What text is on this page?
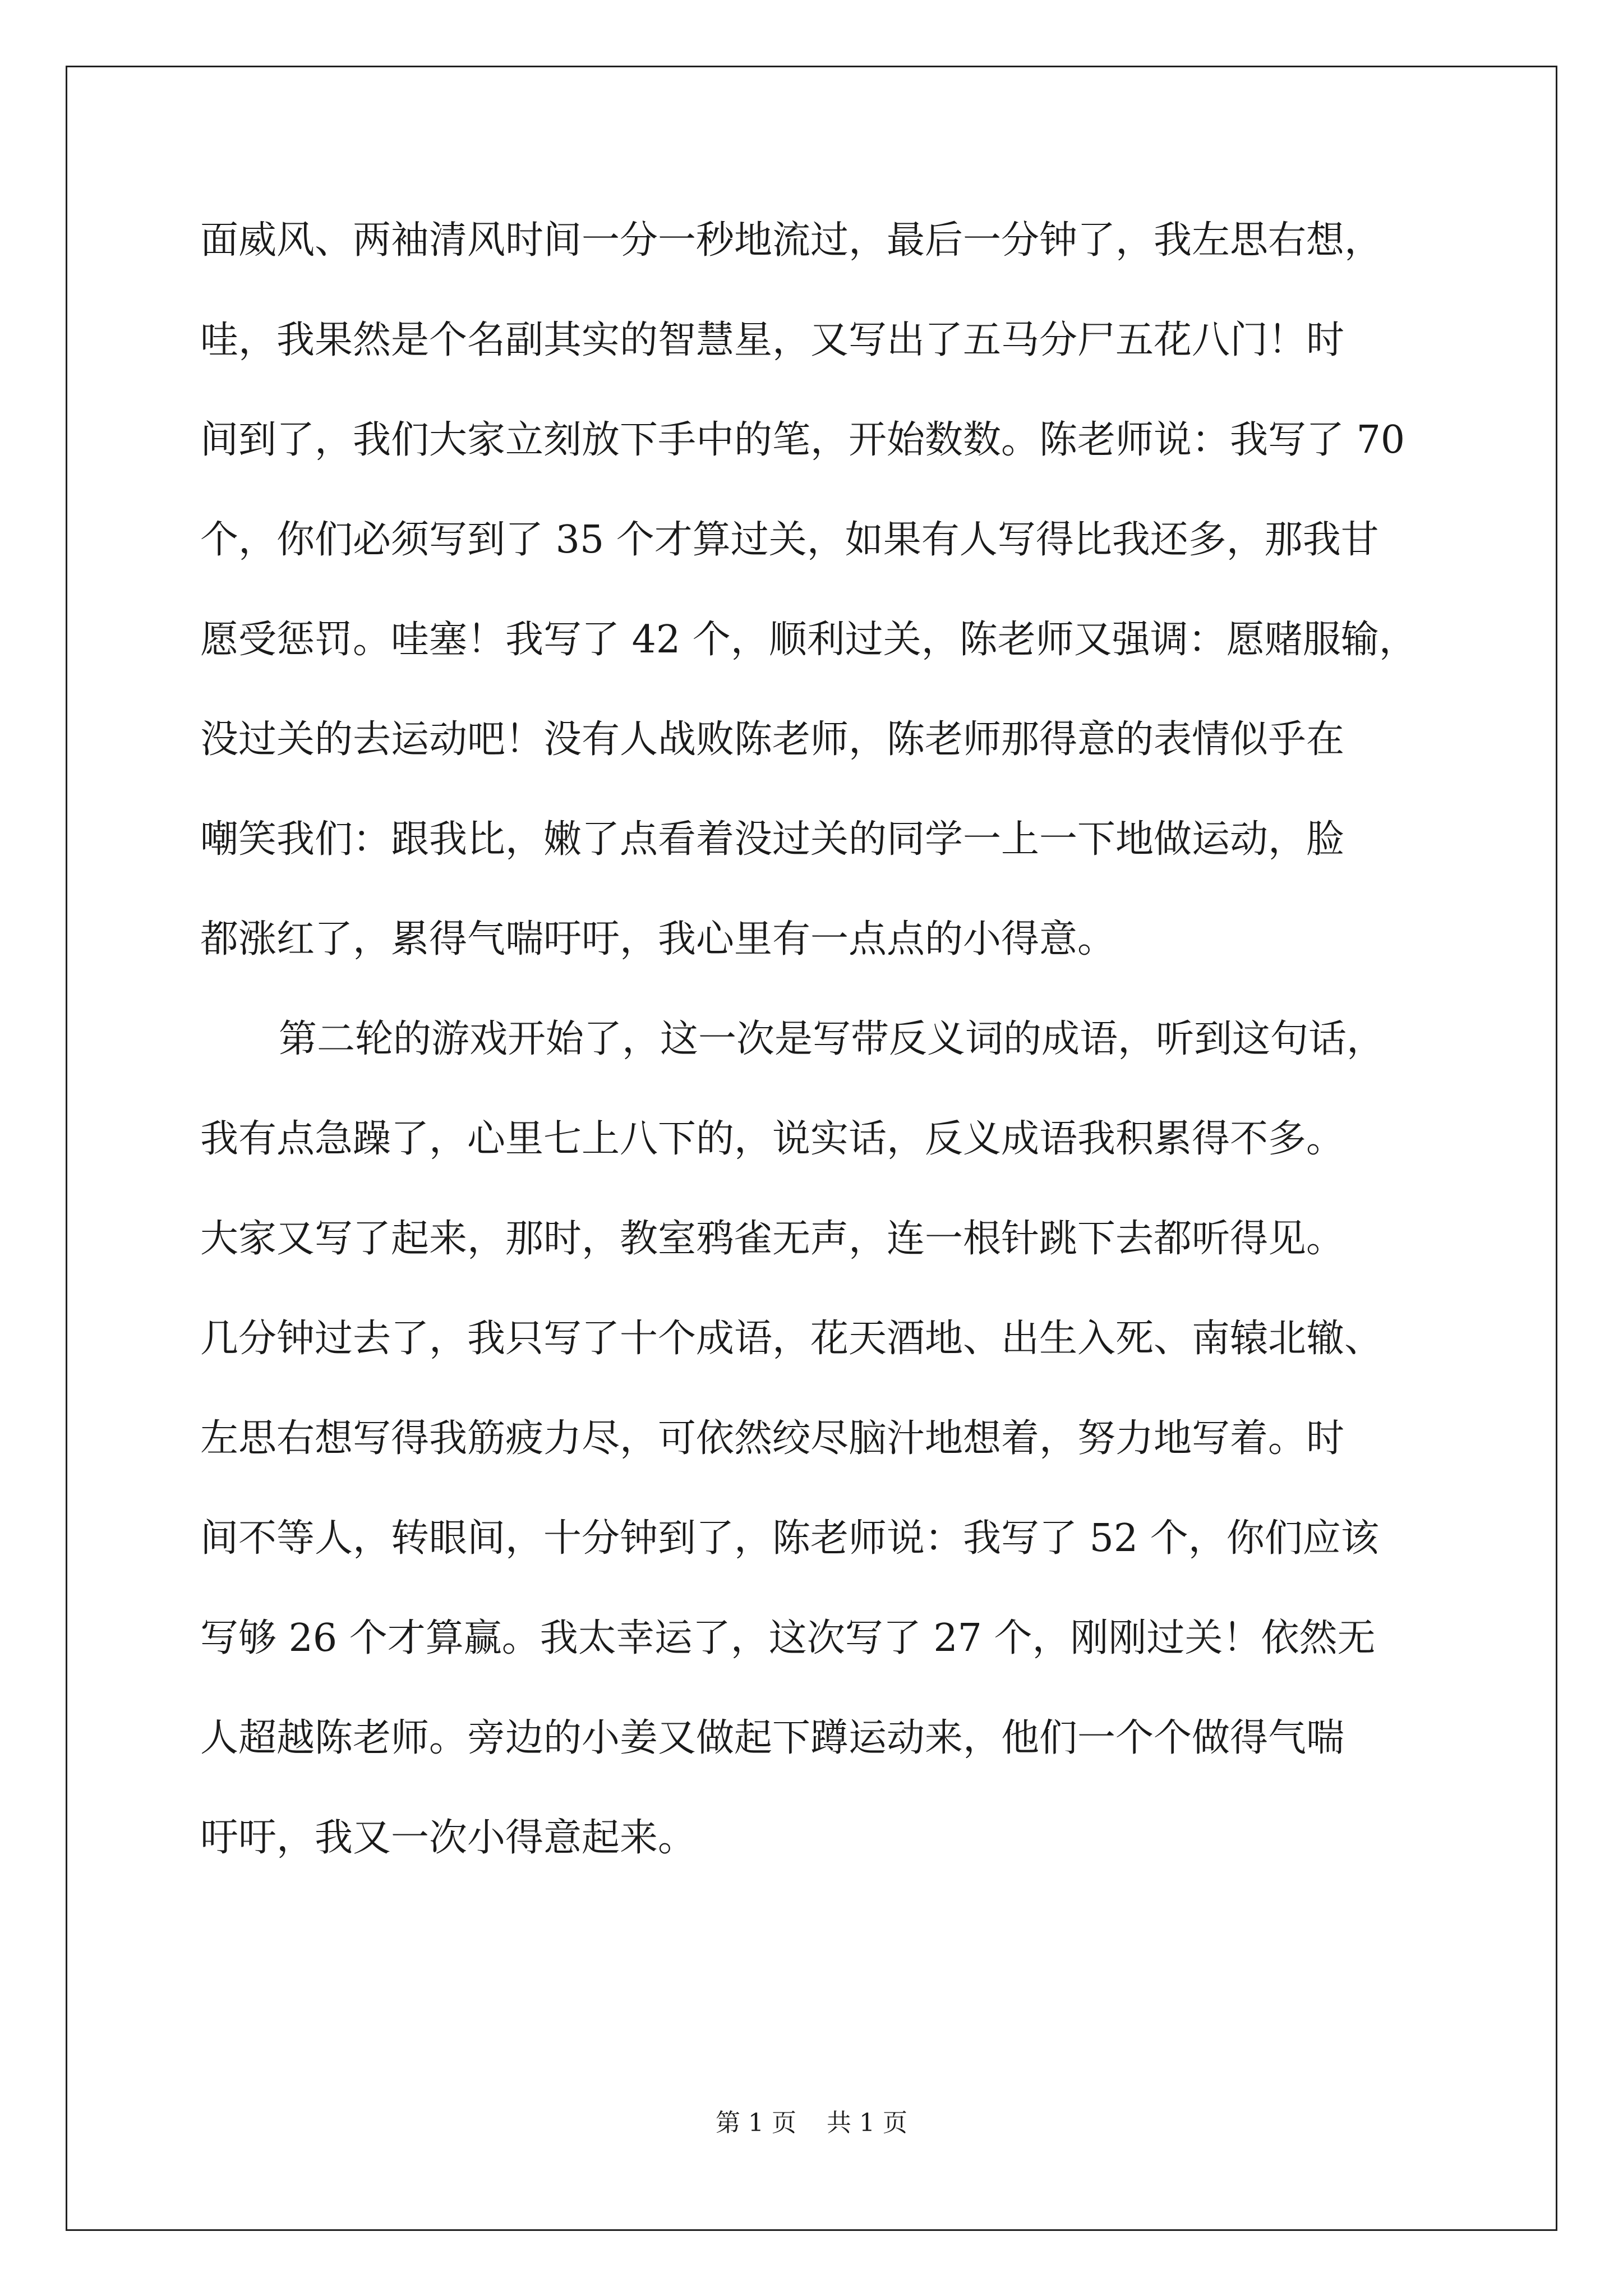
面威风、两袖清风时间一分一秒地流过，最后一分钟了，我左思右想，
哇，我果然是个名副其实的智慧星，又写出了五马分尸五花八门！时
间到了，我们大家立刻放下手中的笔，开始数数。陈老师说：我写了 70
个，你们必须写到了 35 个才算过关，如果有人写得比我还多，那我甘
愿受惩罚。哇塞！我写了 42 个，顺利过关，陈老师又强调：愿赌服输，
没过关的去运动吧！没有人战败陈老师，陈老师那得意的表情似乎在
嘲笑我们：跟我比，嫩了点看着没过关的同学一上一下地做运动，脸
都涨红了，累得气喘吁吁，我心里有一点点的小得意。
第二轮的游戏开始了，这一次是写带反义词的成语，听到这句话，
我有点急躁了，心里七上八下的，说实话，反义成语我积累得不多。
大家又写了起来，那时，教室鸦雀无声，连一根针跳下去都听得见。
几分钟过去了，我只写了十个成语，花天酒地、出生入死、南辕北辙、
左思右想写得我筋疲力尽，可依然绞尽脑汁地想着，努力地写着。时
间不等人，转眼间，十分钟到了，陈老师说：我写了 52 个，你们应该
写够 26 个才算赢。我太幸运了，这次写了 27 个，刚刚过关！依然无
人超越陈老师。旁边的小姜又做起下蹲运动来，他们一个个做得气喘
吁吁，我又一次小得意起来。
第 1 页 共 1 页
